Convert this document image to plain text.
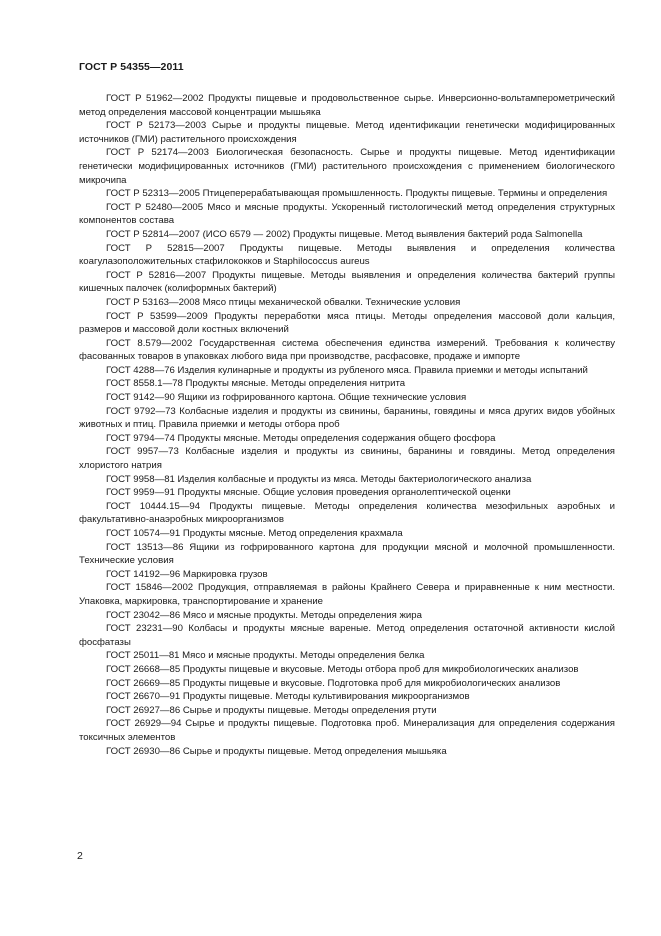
ГОСТ Р 54355—2011

ГОСТ Р 51962—2002 Продукты пищевые и продовольственное сырье. Инверсионно-вольтамперометрический метод определения массовой концентрации мышьяка

ГОСТ Р 52173—2003 Сырье и продукты пищевые. Метод идентификации генетически модифицированных источников (ГМИ) растительного происхождения

ГОСТ Р 52174—2003 Биологическая безопасность. Сырье и продукты пищевые. Метод идентификации генетически модифицированных источников (ГМИ) растительного происхождения с применением биологического микрочипа

ГОСТ Р 52313—2005 Птицеперерабатывающая промышленность. Продукты пищевые. Термины и определения

ГОСТ Р 52480—2005 Мясо и мясные продукты. Ускоренный гистологический метод определения структурных компонентов состава

ГОСТ Р 52814—2007 (ИСО 6579 — 2002) Продукты пищевые. Метод выявления бактерий рода Salmonella

ГОСТ Р 52815—2007 Продукты пищевые. Методы выявления и определения количества коагулазоположительных стафилококков и Staphilococcus aureus

ГОСТ Р 52816—2007 Продукты пищевые. Методы выявления и определения количества бактерий группы кишечных палочек (колиформных бактерий)

ГОСТ Р 53163—2008 Мясо птицы механической обвалки. Технические условия

ГОСТ Р 53599—2009 Продукты переработки мяса птицы. Методы определения массовой доли кальция, размеров и массовой доли костных включений

ГОСТ 8.579—2002 Государственная система обеспечения единства измерений. Требования к количеству фасованных товаров в упаковках любого вида при производстве, расфасовке, продаже и импорте

ГОСТ 4288—76 Изделия кулинарные и продукты из рубленого мяса. Правила приемки и методы испытаний

ГОСТ 8558.1—78 Продукты мясные. Методы определения нитрита

ГОСТ 9142—90 Ящики из гофрированного картона. Общие технические условия

ГОСТ 9792—73 Колбасные изделия и продукты из свинины, баранины, говядины и мяса других видов убойных животных и птиц. Правила приемки и методы отбора проб

ГОСТ 9794—74 Продукты мясные. Методы определения содержания общего фосфора

ГОСТ 9957—73 Колбасные изделия и продукты из свинины, баранины и говядины. Метод определения хлористого натрия

ГОСТ 9958—81 Изделия колбасные и продукты из мяса. Методы бактериологического анализа

ГОСТ 9959—91 Продукты мясные. Общие условия проведения органолептической оценки

ГОСТ 10444.15—94 Продукты пищевые. Методы определения количества мезофильных аэробных и факультативно-анаэробных микроорганизмов

ГОСТ 10574—91 Продукты мясные. Метод определения крахмала

ГОСТ 13513—86 Ящики из гофрированного картона для продукции мясной и молочной промышленности. Технические условия

ГОСТ 14192—96 Маркировка грузов

ГОСТ 15846—2002 Продукция, отправляемая в районы Крайнего Севера и приравненные к ним местности. Упаковка, маркировка, транспортирование и хранение

ГОСТ 23042—86 Мясо и мясные продукты. Методы определения жира

ГОСТ 23231—90 Колбасы и продукты мясные вареные. Метод определения остаточной активности кислой фосфатазы

ГОСТ 25011—81 Мясо и мясные продукты. Методы определения белка

ГОСТ 26668—85 Продукты пищевые и вкусовые. Методы отбора проб для микробиологических анализов

ГОСТ 26669—85 Продукты пищевые и вкусовые. Подготовка проб для микробиологических анализов

ГОСТ 26670—91 Продукты пищевые. Методы культивирования микроорганизмов

ГОСТ 26927—86 Сырье и продукты пищевые. Методы определения ртути

ГОСТ 26929—94 Сырье и продукты пищевые. Подготовка проб. Минерализация для определения содержания токсичных элементов

ГОСТ 26930—86 Сырье и продукты пищевые. Метод определения мышьяка

2
